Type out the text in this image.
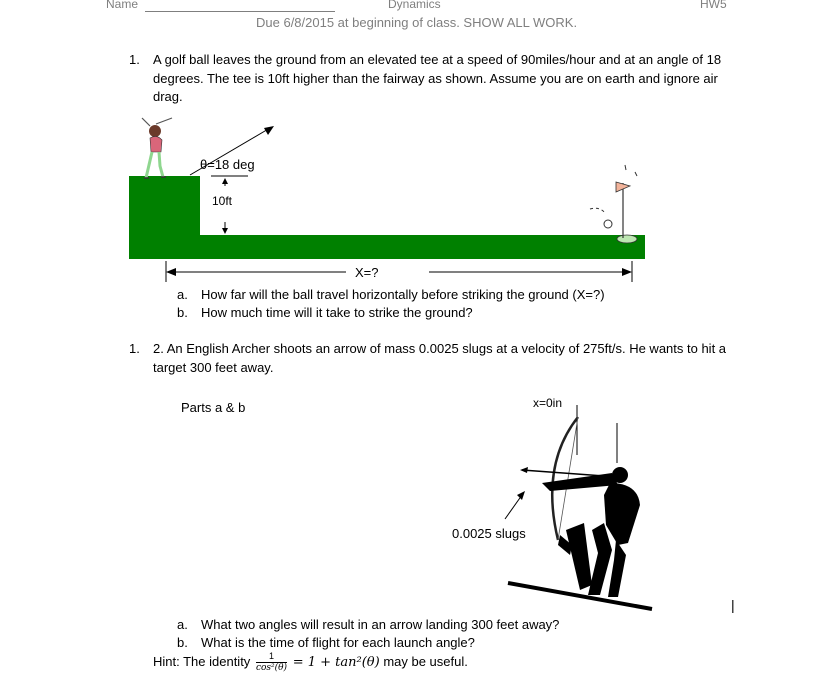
Name	Dynamics	HW5
Due 6/8/2015 at beginning of class. SHOW ALL WORK.
1. A golf ball leaves the ground from an elevated tee at a speed of 90miles/hour and at an angle of 18 degrees. The tee is 10ft higher than the fairway as shown. Assume you are on earth and ignore air drag.
θ=18 deg
10ft
X=?
a. How far will the ball travel horizontally before striking the ground (X=?)
b. How much time will it take to strike the ground?
1. 2. An English Archer shoots an arrow of mass 0.0025 slugs at a velocity of 275ft/s. He wants to hit a target 300 feet away.
Parts a & b	x=0in
0.0025 slugs
a. What two angles will result in an arrow landing 300 feet away?
b. What is the time of flight for each launch angle?
Hint: The identity $\frac{1}{\text{cos²(θ)}} = 1 + \tan^2(\theta)$ may be useful.
|
